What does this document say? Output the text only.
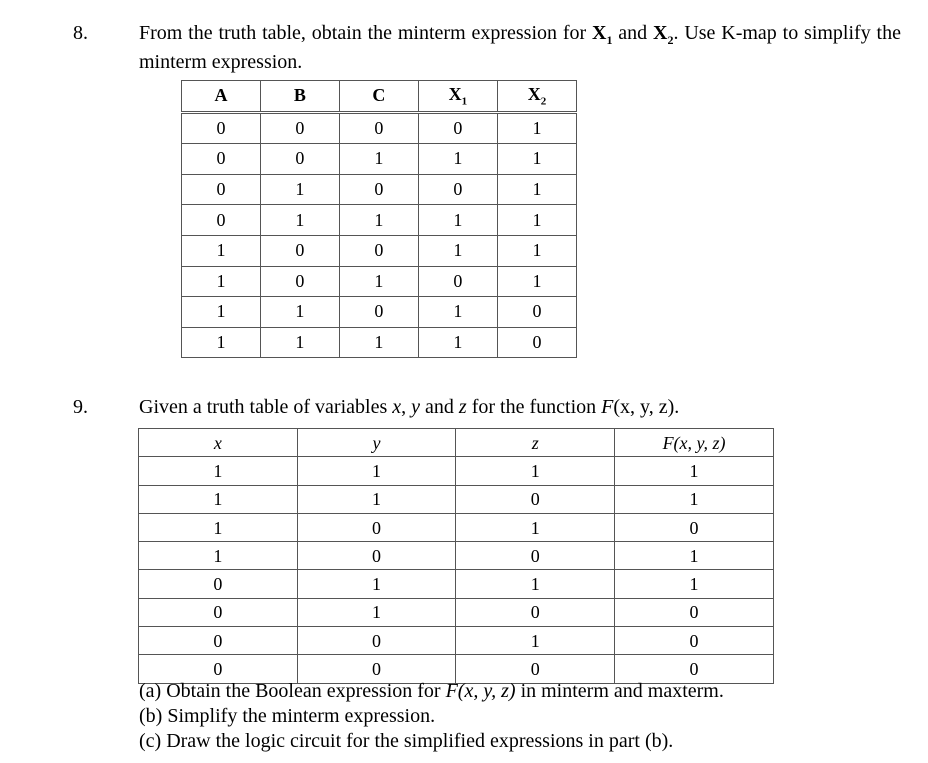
8.	From the truth table, obtain the minterm expression for $X_1$ and $X_2$. Use K-map to simplify the minterm expression.
A	B	C	$X_1$	$X_2$
0	0	0	0	1
0	0	1	1	1
0	1	0	0	1
0	1	1	1	1
1	0	0	1	1
1	0	1	0	1
1	1	0	1	0
1	1	1	1	0
9.	Given a truth table of variables x, y and z for the function F(x, y, z).
x	y	z	F(x, y, z)
1	1	1	1
1	1	0	1
1	0	1	0
1	0	0	1
0	1	1	1
0	1	0	0
0	0	1	0
0	0	0	0
(a) Obtain the Boolean expression for F(x, y, z) in minterm and maxterm.
(b) Simplify the minterm expression.
(c) Draw the logic circuit for the simplified expressions in part (b).
